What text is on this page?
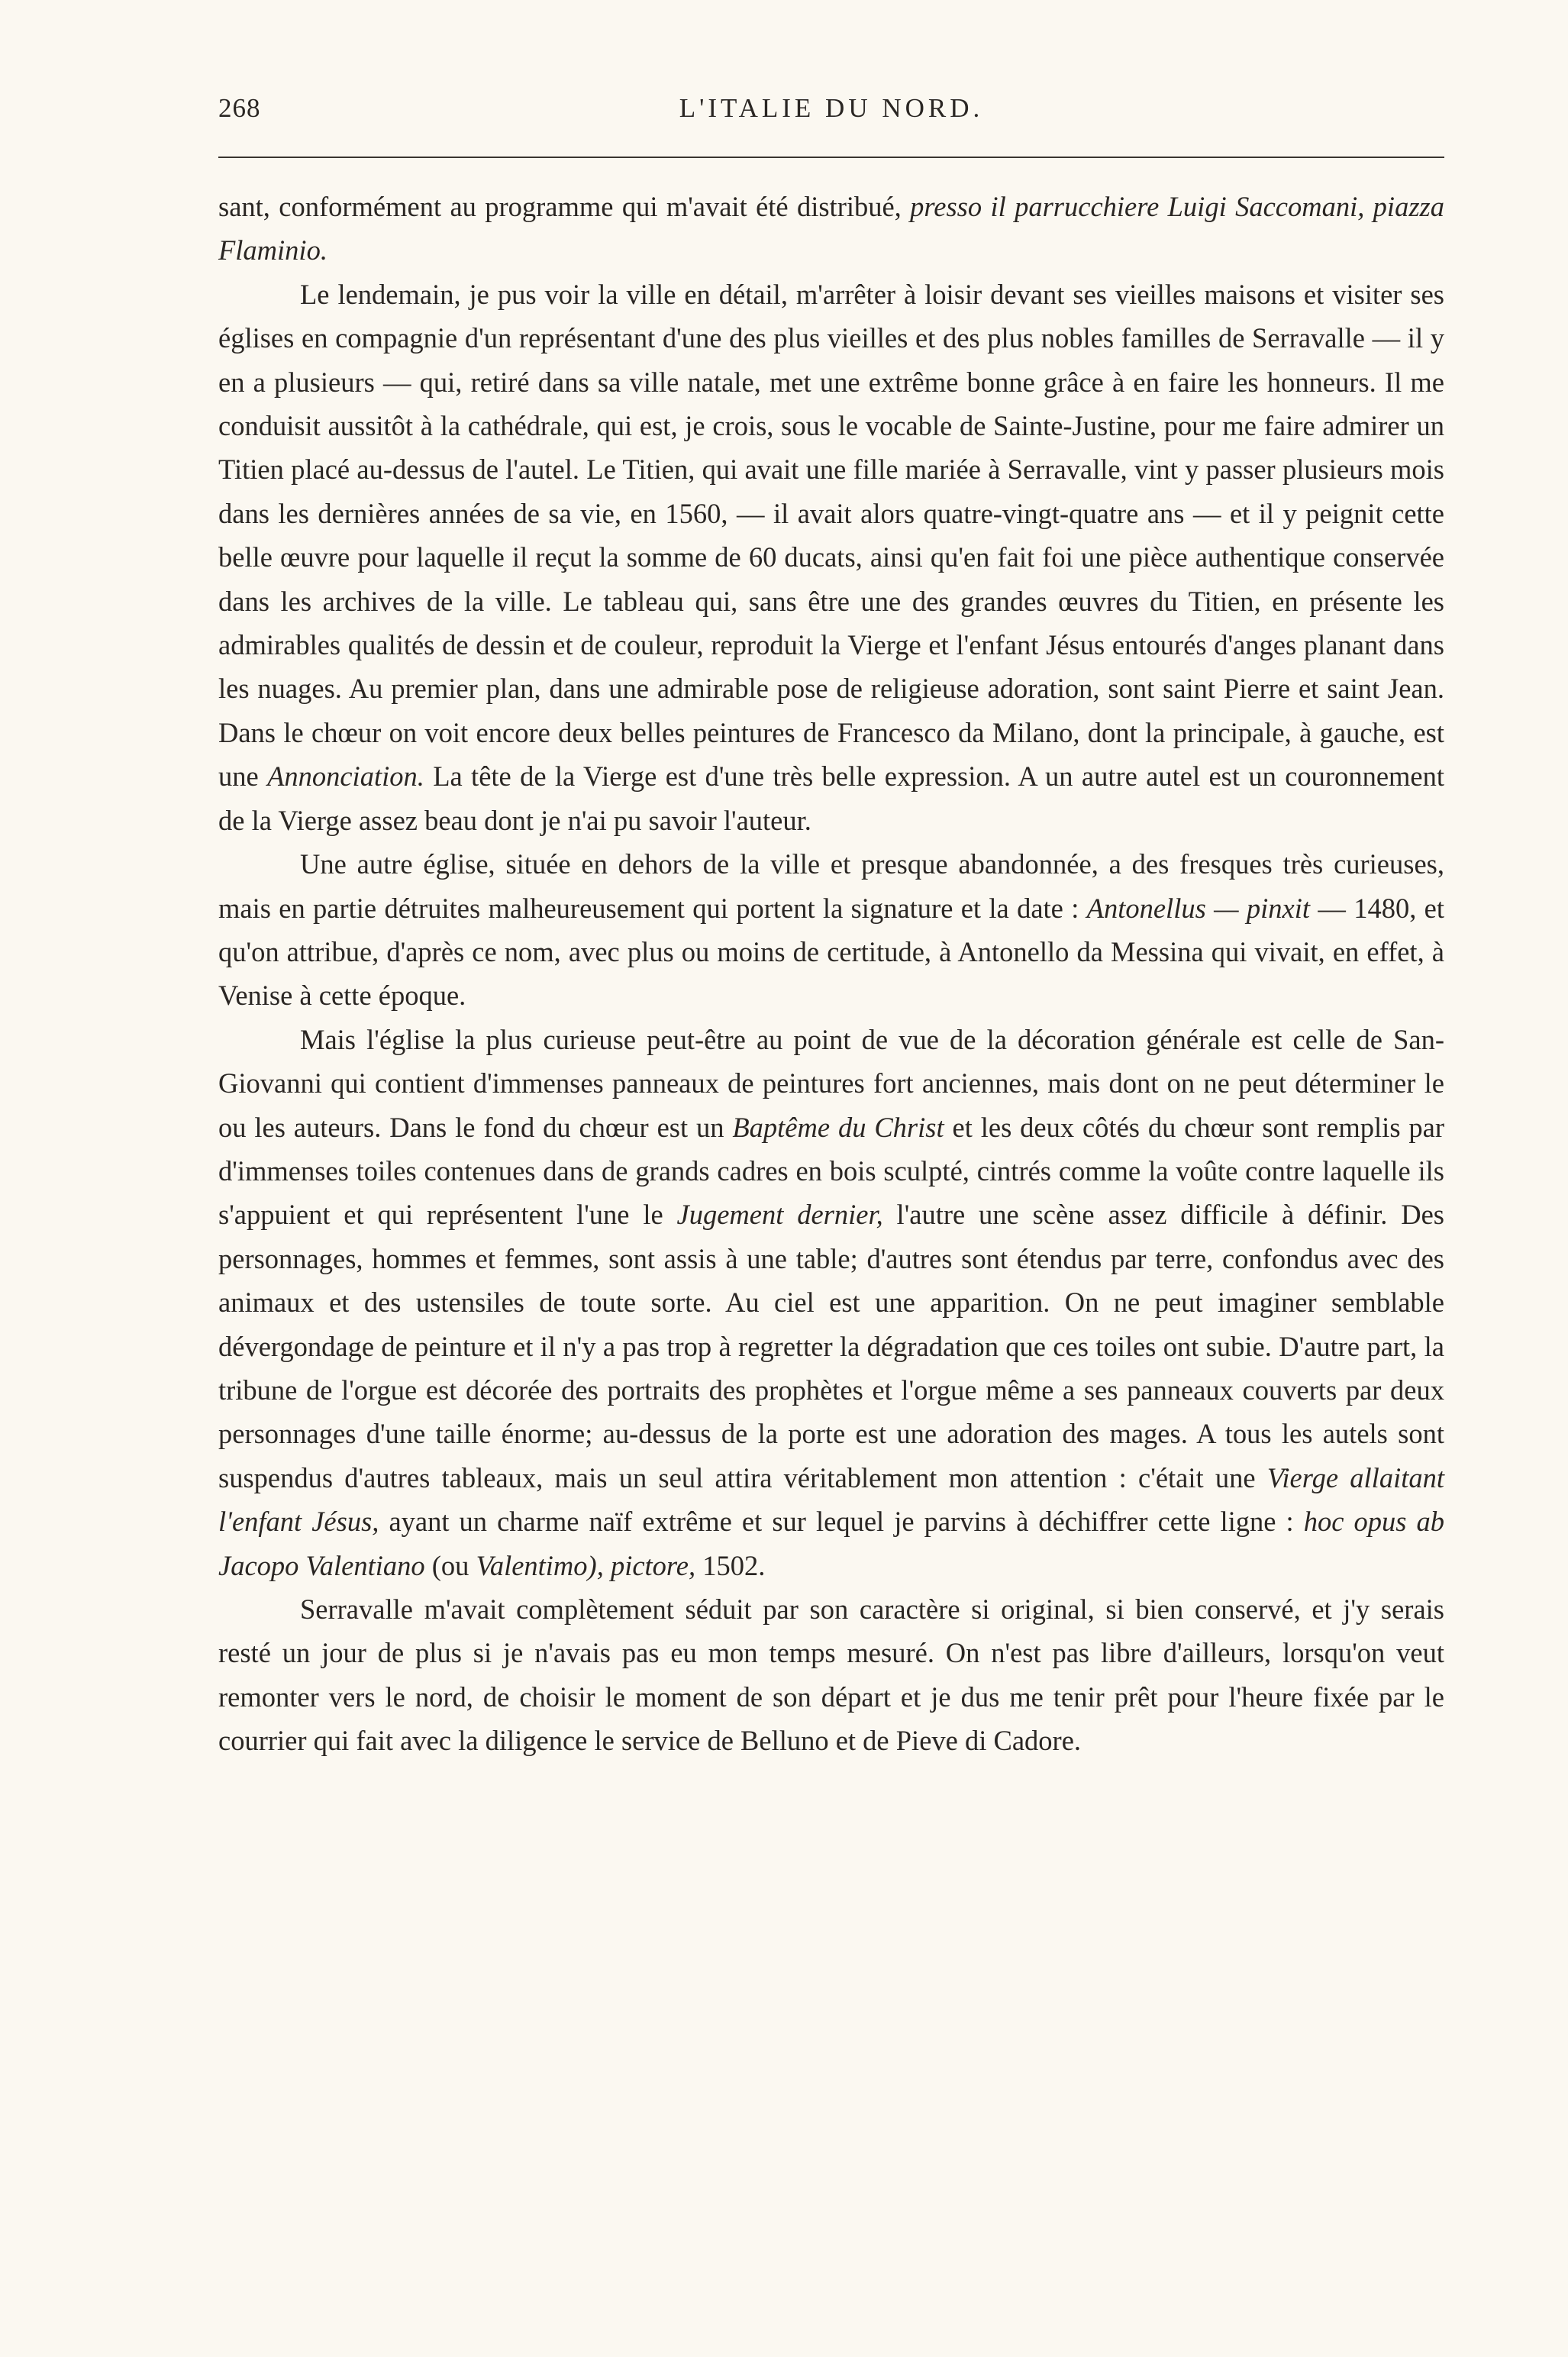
268	L'ITALIE DU NORD.

sant, conformément au programme qui m'avait été distribué, presso il parrucchiere Luigi Saccomani, piazza Flaminio.

Le lendemain, je pus voir la ville en détail, m'arrêter à loisir devant ses vieilles maisons et visiter ses églises en compagnie d'un représentant d'une des plus vieilles et des plus nobles familles de Serravalle — il y en a plusieurs — qui, retiré dans sa ville natale, met une extrême bonne grâce à en faire les honneurs. Il me conduisit aussitôt à la cathédrale, qui est, je crois, sous le vocable de Sainte-Justine, pour me faire admirer un Titien placé au-dessus de l'autel. Le Titien, qui avait une fille mariée à Serravalle, vint y passer plusieurs mois dans les dernières années de sa vie, en 1560, — il avait alors quatre-vingt-quatre ans — et il y peignit cette belle œuvre pour laquelle il reçut la somme de 60 ducats, ainsi qu'en fait foi une pièce authentique conservée dans les archives de la ville. Le tableau qui, sans être une des grandes œuvres du Titien, en présente les admirables qualités de dessin et de couleur, reproduit la Vierge et l'enfant Jésus entourés d'anges planant dans les nuages. Au premier plan, dans une admirable pose de religieuse adoration, sont saint Pierre et saint Jean. Dans le chœur on voit encore deux belles peintures de Francesco da Milano, dont la principale, à gauche, est une Annonciation. La tête de la Vierge est d'une très belle expression. A un autre autel est un couronnement de la Vierge assez beau dont je n'ai pu savoir l'auteur.

Une autre église, située en dehors de la ville et presque abandonnée, a des fresques très curieuses, mais en partie détruites malheureusement qui portent la signature et la date : Antonellus — pinxit — 1480, et qu'on attribue, d'après ce nom, avec plus ou moins de certitude, à Antonello da Messina qui vivait, en effet, à Venise à cette époque.

Mais l'église la plus curieuse peut-être au point de vue de la décoration générale est celle de San-Giovanni qui contient d'immenses panneaux de peintures fort anciennes, mais dont on ne peut déterminer le ou les auteurs. Dans le fond du chœur est un Baptême du Christ et les deux côtés du chœur sont remplis par d'immenses toiles contenues dans de grands cadres en bois sculpté, cintrés comme la voûte contre laquelle ils s'appuient et qui représentent l'une le Jugement dernier, l'autre une scène assez difficile à définir. Des personnages, hommes et femmes, sont assis à une table; d'autres sont étendus par terre, confondus avec des animaux et des ustensiles de toute sorte. Au ciel est une apparition. On ne peut imaginer semblable dévergondage de peinture et il n'y a pas trop à regretter la dégradation que ces toiles ont subie. D'autre part, la tribune de l'orgue est décorée des portraits des prophètes et l'orgue même a ses panneaux couverts par deux personnages d'une taille énorme; au-dessus de la porte est une adoration des mages. A tous les autels sont suspendus d'autres tableaux, mais un seul attira véritablement mon attention : c'était une Vierge allaitant l'enfant Jésus, ayant un charme naïf extrême et sur lequel je parvins à déchiffrer cette ligne : hoc opus ab Jacopo Valentiano (ou Valentimo), pictore, 1502.

Serravalle m'avait complètement séduit par son caractère si original, si bien conservé, et j'y serais resté un jour de plus si je n'avais pas eu mon temps mesuré. On n'est pas libre d'ailleurs, lorsqu'on veut remonter vers le nord, de choisir le moment de son départ et je dus me tenir prêt pour l'heure fixée par le courrier qui fait avec la diligence le service de Belluno et de Pieve di Cadore.
